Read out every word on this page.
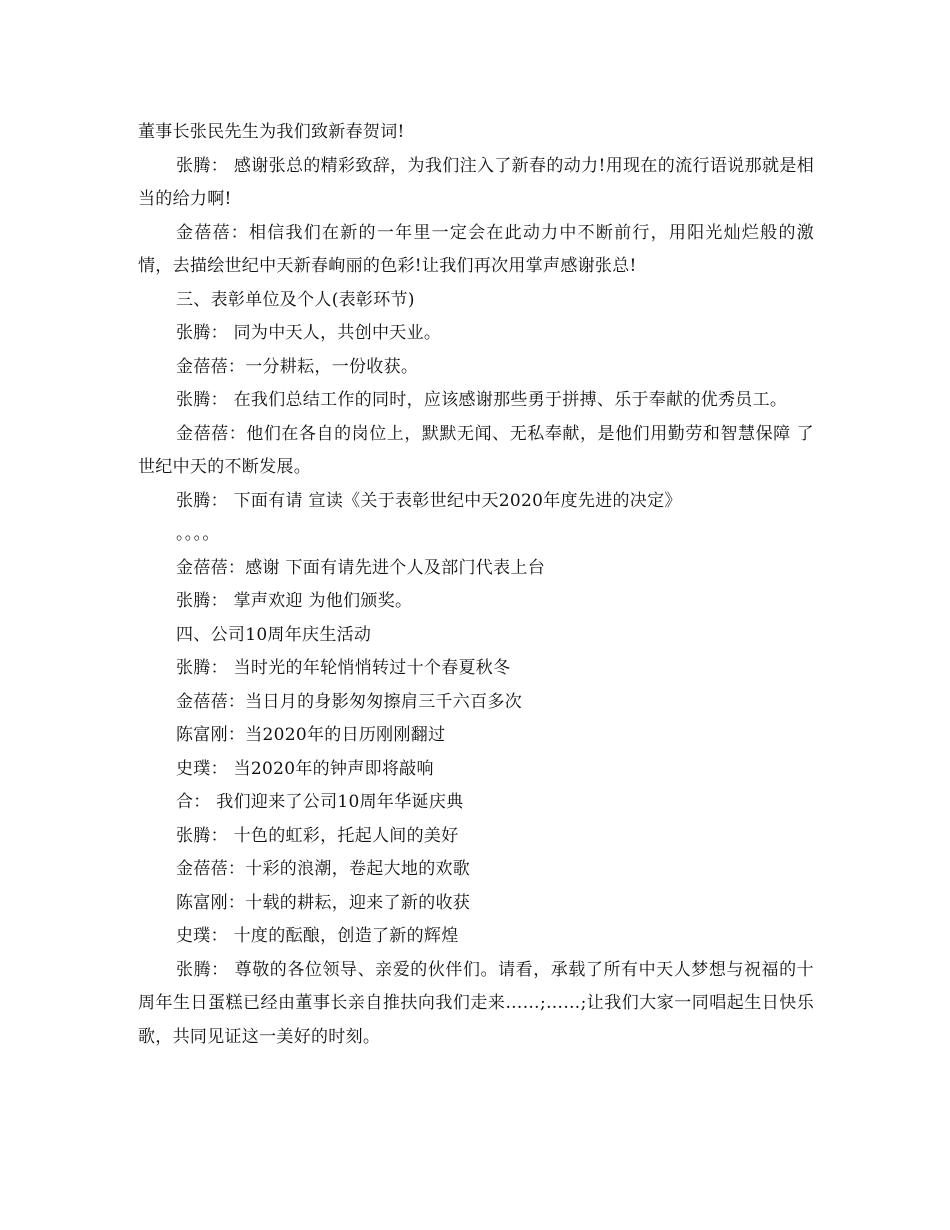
董事长张民先生为我们致新春贺词!

张腾： 感谢张总的精彩致辞，为我们注入了新春的动力!用现在的流行语说那就是相当的给力啊!

金蓓蓓：相信我们在新的一年里一定会在此动力中不断前行，用阳光灿烂般的激情，去描绘世纪中天新春峋丽的色彩!让我们再次用掌声感谢张总!

三、表彰单位及个人(表彰环节)

张腾： 同为中天人，共创中天业。

金蓓蓓：一分耕耘，一份收获。

张腾： 在我们总结工作的同时，应该感谢那些勇于拼搏、乐于奉献的优秀员工。

金蓓蓓：他们在各自的岗位上，默默无闻、无私奉献，是他们用勤劳和智慧保障 了世纪中天的不断发展。

张腾： 下面有请 宣读《关于表彰世纪中天2020年度先进的决定》

。。。。

金蓓蓓：感谢 下面有请先进个人及部门代表上台

张腾： 掌声欢迎 为他们颁奖。

四、公司10周年庆生活动

张腾： 当时光的年轮悄悄转过十个春夏秋冬

金蓓蓓：当日月的身影匆匆擦肩三千六百多次

陈富刚：当2020年的日历刚刚翻过

史璞： 当2020年的钟声即将敲响

合： 我们迎来了公司10周年华诞庆典

张腾： 十色的虹彩，托起人间的美好

金蓓蓓：十彩的浪潮，卷起大地的欢歌

陈富刚：十载的耕耘，迎来了新的收获

史璞： 十度的酝酿，创造了新的辉煌

张腾： 尊敬的各位领导、亲爱的伙伴们。请看，承载了所有中天人梦想与祝福的十周年生日蛋糕已经由董事长亲自推扶向我们走来……;……;让我们大家一同唱起生日快乐歌，共同见证这一美好的时刻。
